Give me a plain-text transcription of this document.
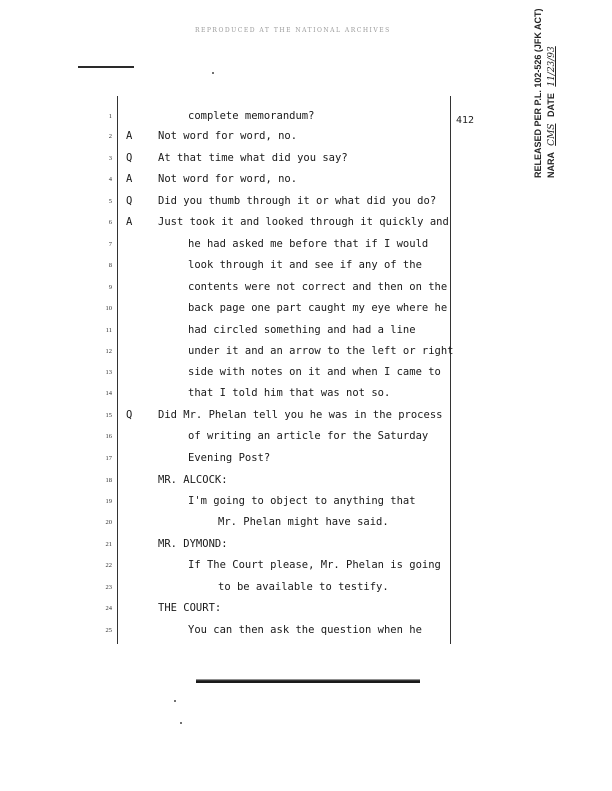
REPRODUCED AT THE NATIONAL ARCHIVES
412	RELEASED PER P.L. 102-526 (JFK ACT) NARA CMS DATE 11/23/93
1	complete memorandum?
2 A Not word for word, no.
3 Q At that time what did you say?
4 A Not word for word, no.
5 Q Did you thumb through it or what did you do?
6 A Just took it and looked through it quickly and
7	he had asked me before that if I would
8	look through it and see if any of the
9	contents were not correct and then on the
10	back page one part caught my eye where he
11	had circled something and had a line
12	under it and an arrow to the left or right
13	side with notes on it and when I came to
14	that I told him that was not so.
15 Q Did Mr. Phelan tell you he was in the process
16	of writing an article for the Saturday
17	Evening Post?
18	MR. ALCOCK:
19	I'm going to object to anything that
20	Mr. Phelan might have said.
21	MR. DYMOND:
22	If The Court please, Mr. Phelan is going
23	to be available to testify.
24	THE COURT:
25	You can then ask the question when he
